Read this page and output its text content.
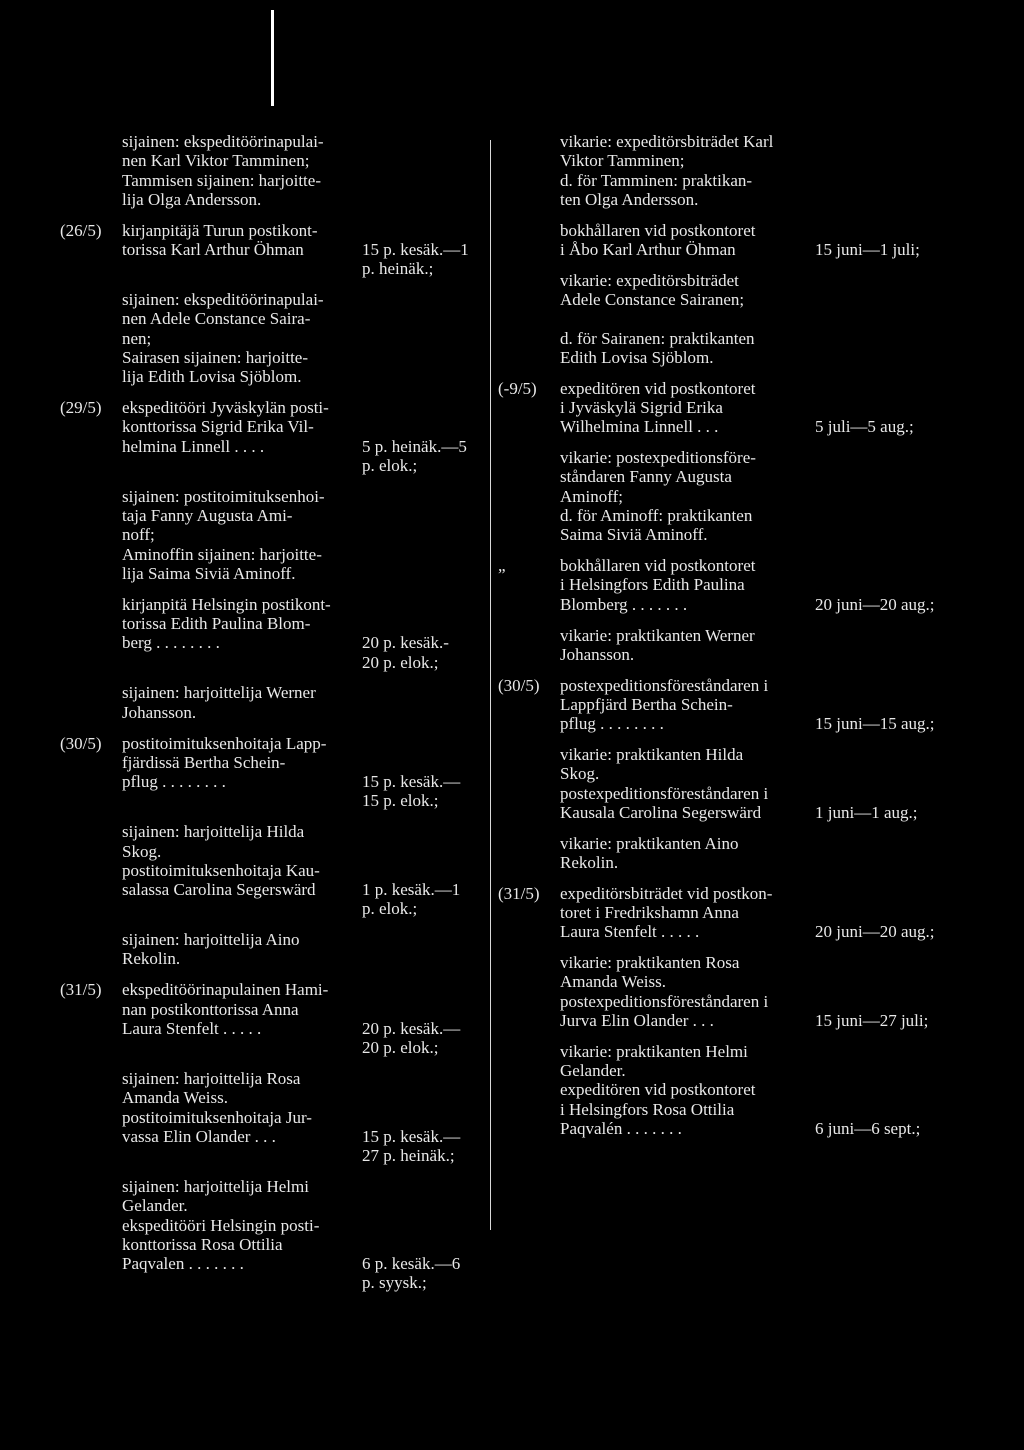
sijainen: ekspeditöörinapulai-
nen Karl Viktor Tamminen;
Tammisen sijainen: harjoitte-
lija Olga Andersson.
(26/5) kirjanpitäjä Turun postikont-
torissa Karl Arthur Öhman	15 p. kesäk.—1
p. heinäk.;
sijainen: ekspeditöörinapulai-
nen Adele Constance Saira-
nen;
Sairasen sijainen: harjoitte-
lija Edith Lovisa Sjöblom.
(29/5) ekspeditööri Jyväskylän posti-
konttorissa Sigrid Erika Vil-
helmina Linnell . . . .	5 p. heinäk.—5
p. elok.;
sijainen: postitoimituksenhoi-
taja Fanny Augusta Ami-
noff;
Aminoffin sijainen: harjoitte-
lija Saima Siviä Aminoff.
kirjanpitä Helsingin postikont-
torissa Edith Paulina Blom-
berg . . . . . . . .	20 p. kesäk.-
20 p. elok.;
sijainen: harjoittelija Werner
Johansson.
(30/5) postitoimituksenhoitaja Lapp-
fjärdissä Bertha Schein-
pflug . . . . . . . .	15 p. kesäk.—
15 p. elok.;
sijainen: harjoittelija Hilda
Skog.
postitoimituksenhoitaja Kau-
salassa Carolina Segerswärd	1 p. kesäk.—1
p. elok.;
sijainen: harjoittelija Aino
Rekolin.
(31/5) ekspeditöörinapulainen Hami-
nan postikonttorissa Anna
Laura Stenfelt . . . . .	20 p. kesäk.—
20 p. elok.;
sijainen: harjoittelija Rosa
Amanda Weiss.
postitoimituksenhoitaja Jur-
vassa Elin Olander . . .	15 p. kesäk.—
27 p. heinäk.;
sijainen: harjoittelija Helmi
Gelander.
ekspeditööri Helsingin posti-
konttorissa Rosa Ottilia
Paqvalen . . . . . . .	6 p. kesäk.—6
p. syysk.;
vikarie: expeditörsbiträdet Karl
Viktor Tamminen;
d. för Tamminen: praktikan-
ten Olga Andersson.
bokhållaren vid postkontoret
i Åbo Karl Arthur Öhman	15 juni—1 juli;
vikarie: expeditörsbiträdet
Adele Constance Sairanen;

d. för Sairanen: praktikanten
Edith Lovisa Sjöblom.
(-9/5) expeditören vid postkontoret
i Jyväskylä Sigrid Erika
Wilhelmina Linnell . . .	5 juli—5 aug.;
vikarie: postexpeditionsföre-
ståndaren Fanny Augusta
Aminoff;
d. för Aminoff: praktikanten
Saima Siviä Aminoff.
„	bokhållaren vid postkontoret
i Helsingfors Edith Paulina
Blomberg . . . . . . .	20 juni—20 aug.;
vikarie: praktikanten Werner
Johansson.
(30/5) postexpeditionsföreståndaren i
Lappfjärd Bertha Schein-
pflug . . . . . . . .	15 juni—15 aug.;
vikarie: praktikanten Hilda
Skog.
postexpeditionsföreståndaren i
Kausala Carolina Segerswärd	1 juni—1 aug.;
vikarie: praktikanten Aino
Rekolin.
(31/5) expeditörsbiträdet vid postkon-
toret i Fredrikshamn Anna
Laura Stenfelt . . . . .	20 juni—20 aug.;
vikarie: praktikanten Rosa
Amanda Weiss.
postexpeditionsföreståndaren i
Jurva Elin Olander . . .	15 juni—27 juli;
vikarie: praktikanten Helmi
Gelander.
expeditören vid postkontoret
i Helsingfors Rosa Ottilia
Paqvalén . . . . . . .	6 juni—6 sept.;
